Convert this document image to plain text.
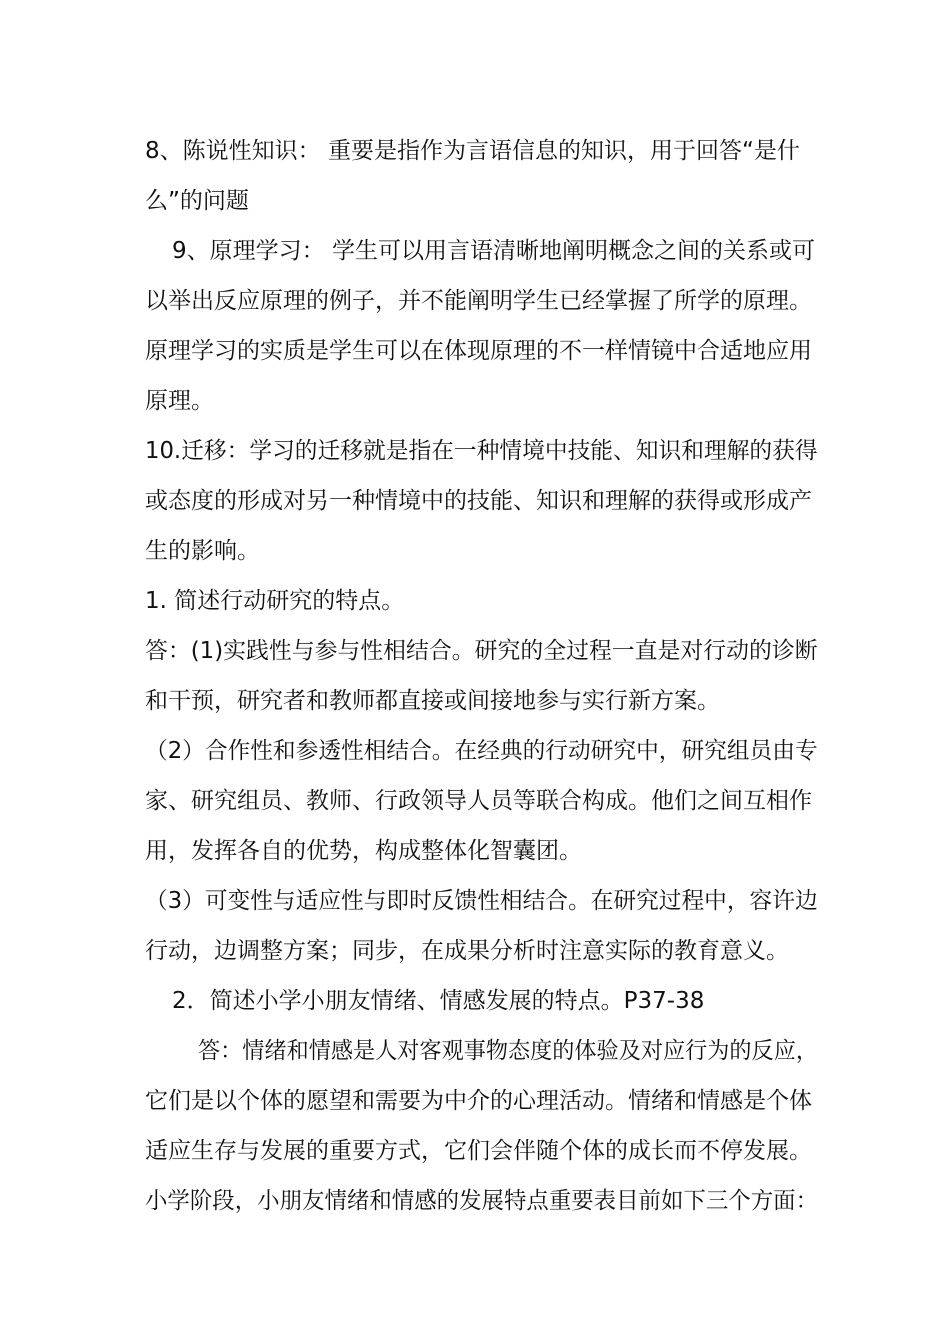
8、陈说性知识： 重要是指作为言语信息的知识，用于回答“是什
么”的问题
9、原理学习： 学生可以用言语清晰地阐明概念之间的关系或可
以举出反应原理的例子，并不能阐明学生已经掌握了所学的原理。
原理学习的实质是学生可以在体现原理的不一样情镜中合适地应用
原理。
10.迁移：学习的迁移就是指在一种情境中技能、知识和理解的获得
或态度的形成对另一种情境中的技能、知识和理解的获得或形成产
生的影响。
1. 简述行动研究的特点。
答：(1)实践性与参与性相结合。研究的全过程一直是对行动的诊断
和干预，研究者和教师都直接或间接地参与实行新方案。
（2）合作性和参透性相结合。在经典的行动研究中，研究组员由专
家、研究组员、教师、行政领导人员等联合构成。他们之间互相作
用，发挥各自的优势，构成整体化智囊团。
（3）可变性与适应性与即时反馈性相结合。在研究过程中，容许边
行动，边调整方案；同步，在成果分析时注意实际的教育意义。
2．简述小学小朋友情绪、情感发展的特点。P37-38
答：情绪和情感是人对客观事物态度的体验及对应行为的反应，
它们是以个体的愿望和需要为中介的心理活动。情绪和情感是个体
适应生存与发展的重要方式，它们会伴随个体的成长而不停发展。
小学阶段，小朋友情绪和情感的发展特点重要表目前如下三个方面：
